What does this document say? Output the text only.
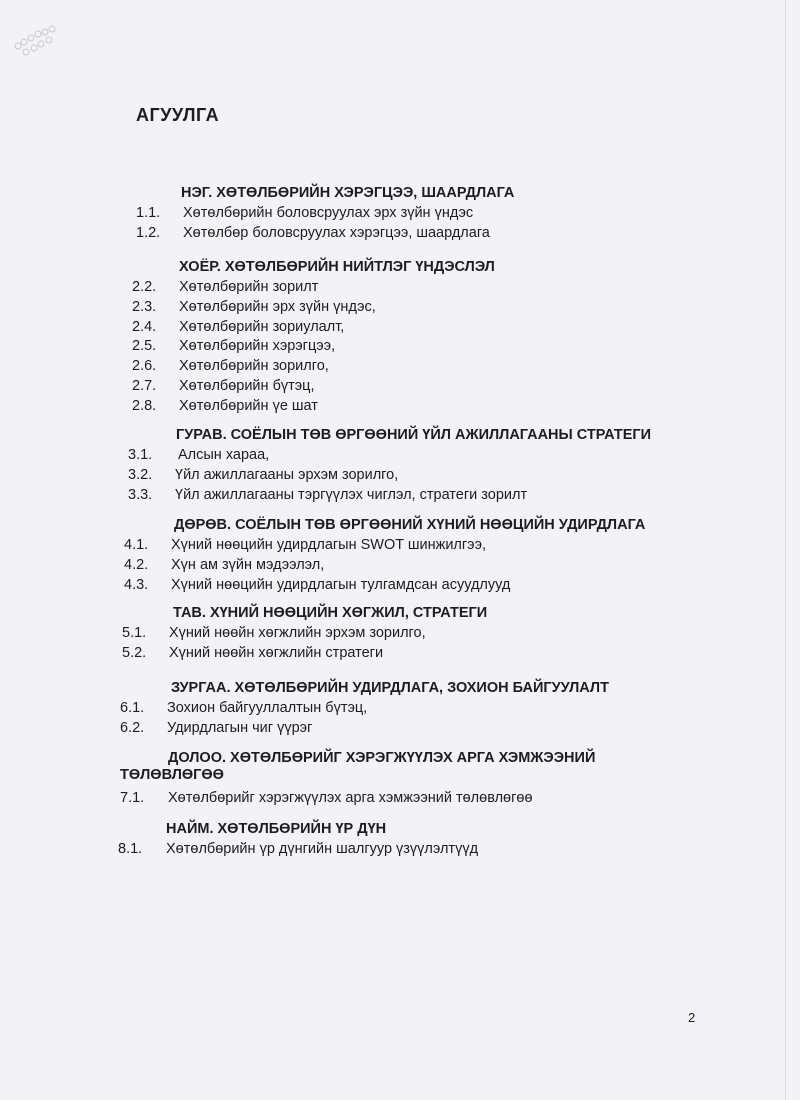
АГУУЛГА

НЭГ. ХӨТӨЛБӨРИЙН ХЭРЭГЦЭЭ, ШААРДЛАГА

1.1.	Хөтөлбөрийн боловсруулах эрх зүйн үндэс
1.2.	Хөтөлбөр боловсруулах хэрэгцээ, шаардлага

ХОЁР. ХӨТӨЛБӨРИЙН НИЙТЛЭГ ҮНДЭСЛЭЛ

2.2.	Хөтөлбөрийн зорилт
2.3.	Хөтөлбөрийн эрх зүйн үндэс,
2.4.	Хөтөлбөрийн зориулалт,
2.5.	Хөтөлбөрийн хэрэгцээ,
2.6.	Хөтөлбөрийн зорилго,
2.7.	Хөтөлбөрийн бүтэц,
2.8.	Хөтөлбөрийн үе шат

ГУРАВ. СОЁЛЫН ТӨВ ӨРГӨӨНИЙ ҮЙЛ АЖИЛЛАГААНЫ СТРАТЕГИ

3.1.	Алсын хараа,
3.2.	Үйл ажиллагааны эрхэм зорилго,
3.3.	Үйл ажиллагааны тэргүүлэх чиглэл, стратеги зорилт

ДӨРӨВ. СОЁЛЫН ТӨВ ӨРГӨӨНИЙ ХҮНИЙ НӨӨЦИЙН УДИРДЛАГА

4.1.	Хүний нөөцийн удирдлагын SWOT шинжилгээ,
4.2.	Хүн ам зүйн мэдээлэл,
4.3.	Хүний нөөцийн удирдлагын тулгамдсан асуудлууд

ТАВ. ХҮНИЙ НӨӨЦИЙН ХӨГЖИЛ, СТРАТЕГИ

5.1.	Хүний нөөйн хөгжлийн эрхэм зорилго,
5.2.	Хүний нөөйн хөгжлийн стратеги

ЗУРГАА. ХӨТӨЛБӨРИЙН УДИРДЛАГА, ЗОХИОН БАЙГУУЛАЛТ

6.1.	Зохион байгууллалтын бүтэц,
6.2.	Удирдлагын чиг үүрэг

ДОЛОО. ХӨТӨЛБӨРИЙГ ХЭРЭГЖҮҮЛЭХ АРГА ХЭМЖЭЭНИЙ ТӨЛӨВЛӨГӨӨ

7.1.	Хөтөлбөрийг хэрэгжүүлэх арга хэмжээний төлөвлөгөө

НАЙМ. ХӨТӨЛБӨРИЙН ҮР ДҮН

8.1.	Хөтөлбөрийн үр дүнгийн шалгуур үзүүлэлтүүд
2
